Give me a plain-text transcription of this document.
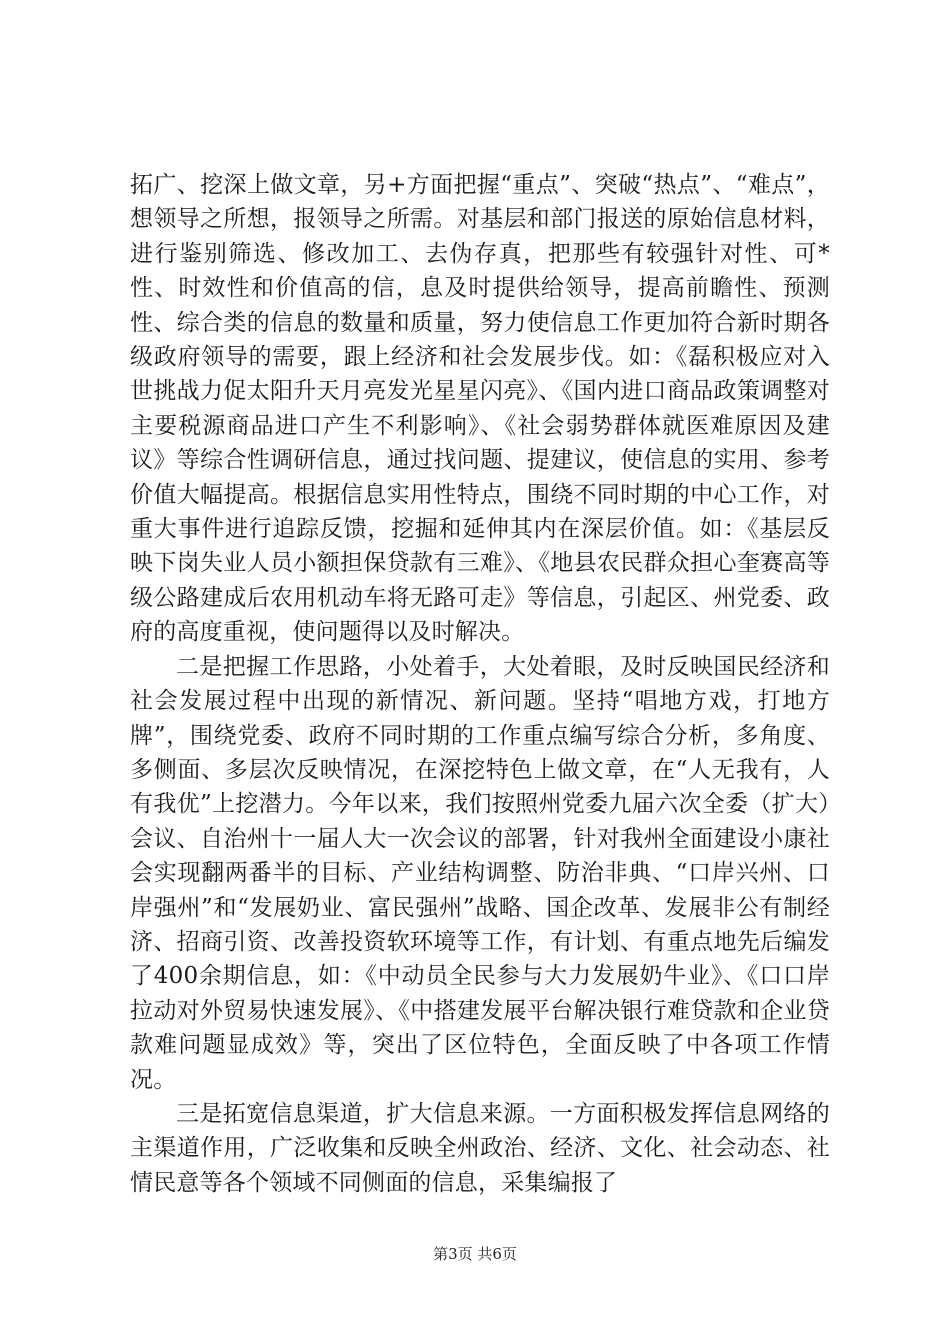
拓广、挖深上做文章，另+方面把握“重点”、突破“热点”、“难点”，想领导之所想，报领导之所需。对基层和部门报送的原始信息材料，进行鉴别筛选、修改加工、去伪存真，把那些有较强针对性、可*性、时效性和价值高的信，息及时提供给领导，提高前瞻性、预测性、综合类的信息的数量和质量，努力使信息工作更加符合新时期各级政府领导的需要，跟上经济和社会发展步伐。如：《磊积极应对入世挑战力促太阳升天月亮发光星星闪亮》、《国内进口商品政策调整对主要税源商品进口产生不利影响》、《社会弱势群体就医难原因及建议》等综合性调研信息，通过找问题、提建议，使信息的实用、参考价值大幅提高。根据信息实用性特点，围绕不同时期的中心工作，对重大事件进行追踪反馈，挖掘和延伸其内在深层价值。如：《基层反映下岗失业人员小额担保贷款有三难》、《地县农民群众担心奎赛高等级公路建成后农用机动车将无路可走》等信息，引起区、州党委、政府的高度重视，使问题得以及时解决。

二是把握工作思路，小处着手，大处着眼，及时反映国民经济和社会发展过程中出现的新情况、新问题。坚持“唱地方戏，打地方牌”，围绕党委、政府不同时期的工作重点编写综合分析，多角度、多侧面、多层次反映情况，在深挖特色上做文章，在“人无我有，人有我优”上挖潜力。今年以来，我们按照州党委九届六次全委（扩大）会议、自治州十一届人大一次会议的部署，针对我州全面建设小康社会实现翻两番半的目标、产业结构调整、防治非典、“口岸兴州、口岸强州”和“发展奶业、富民强州”战略、国企改革、发展非公有制经济、招商引资、改善投资软环境等工作，有计划、有重点地先后编发了400余期信息，如：《中动员全民参与大力发展奶牛业》、《口口岸拉动对外贸易快速发展》、《中搭建发展平台解决银行难贷款和企业贷款难问题显成效》等，突出了区位特色，全面反映了中各项工作情况。

三是拓宽信息渠道，扩大信息来源。一方面积极发挥信息网络的主渠道作用，广泛收集和反映全州政治、经济、文化、社会动态、社情民意等各个领域不同侧面的信息，采集编报了

第3页 共6页
